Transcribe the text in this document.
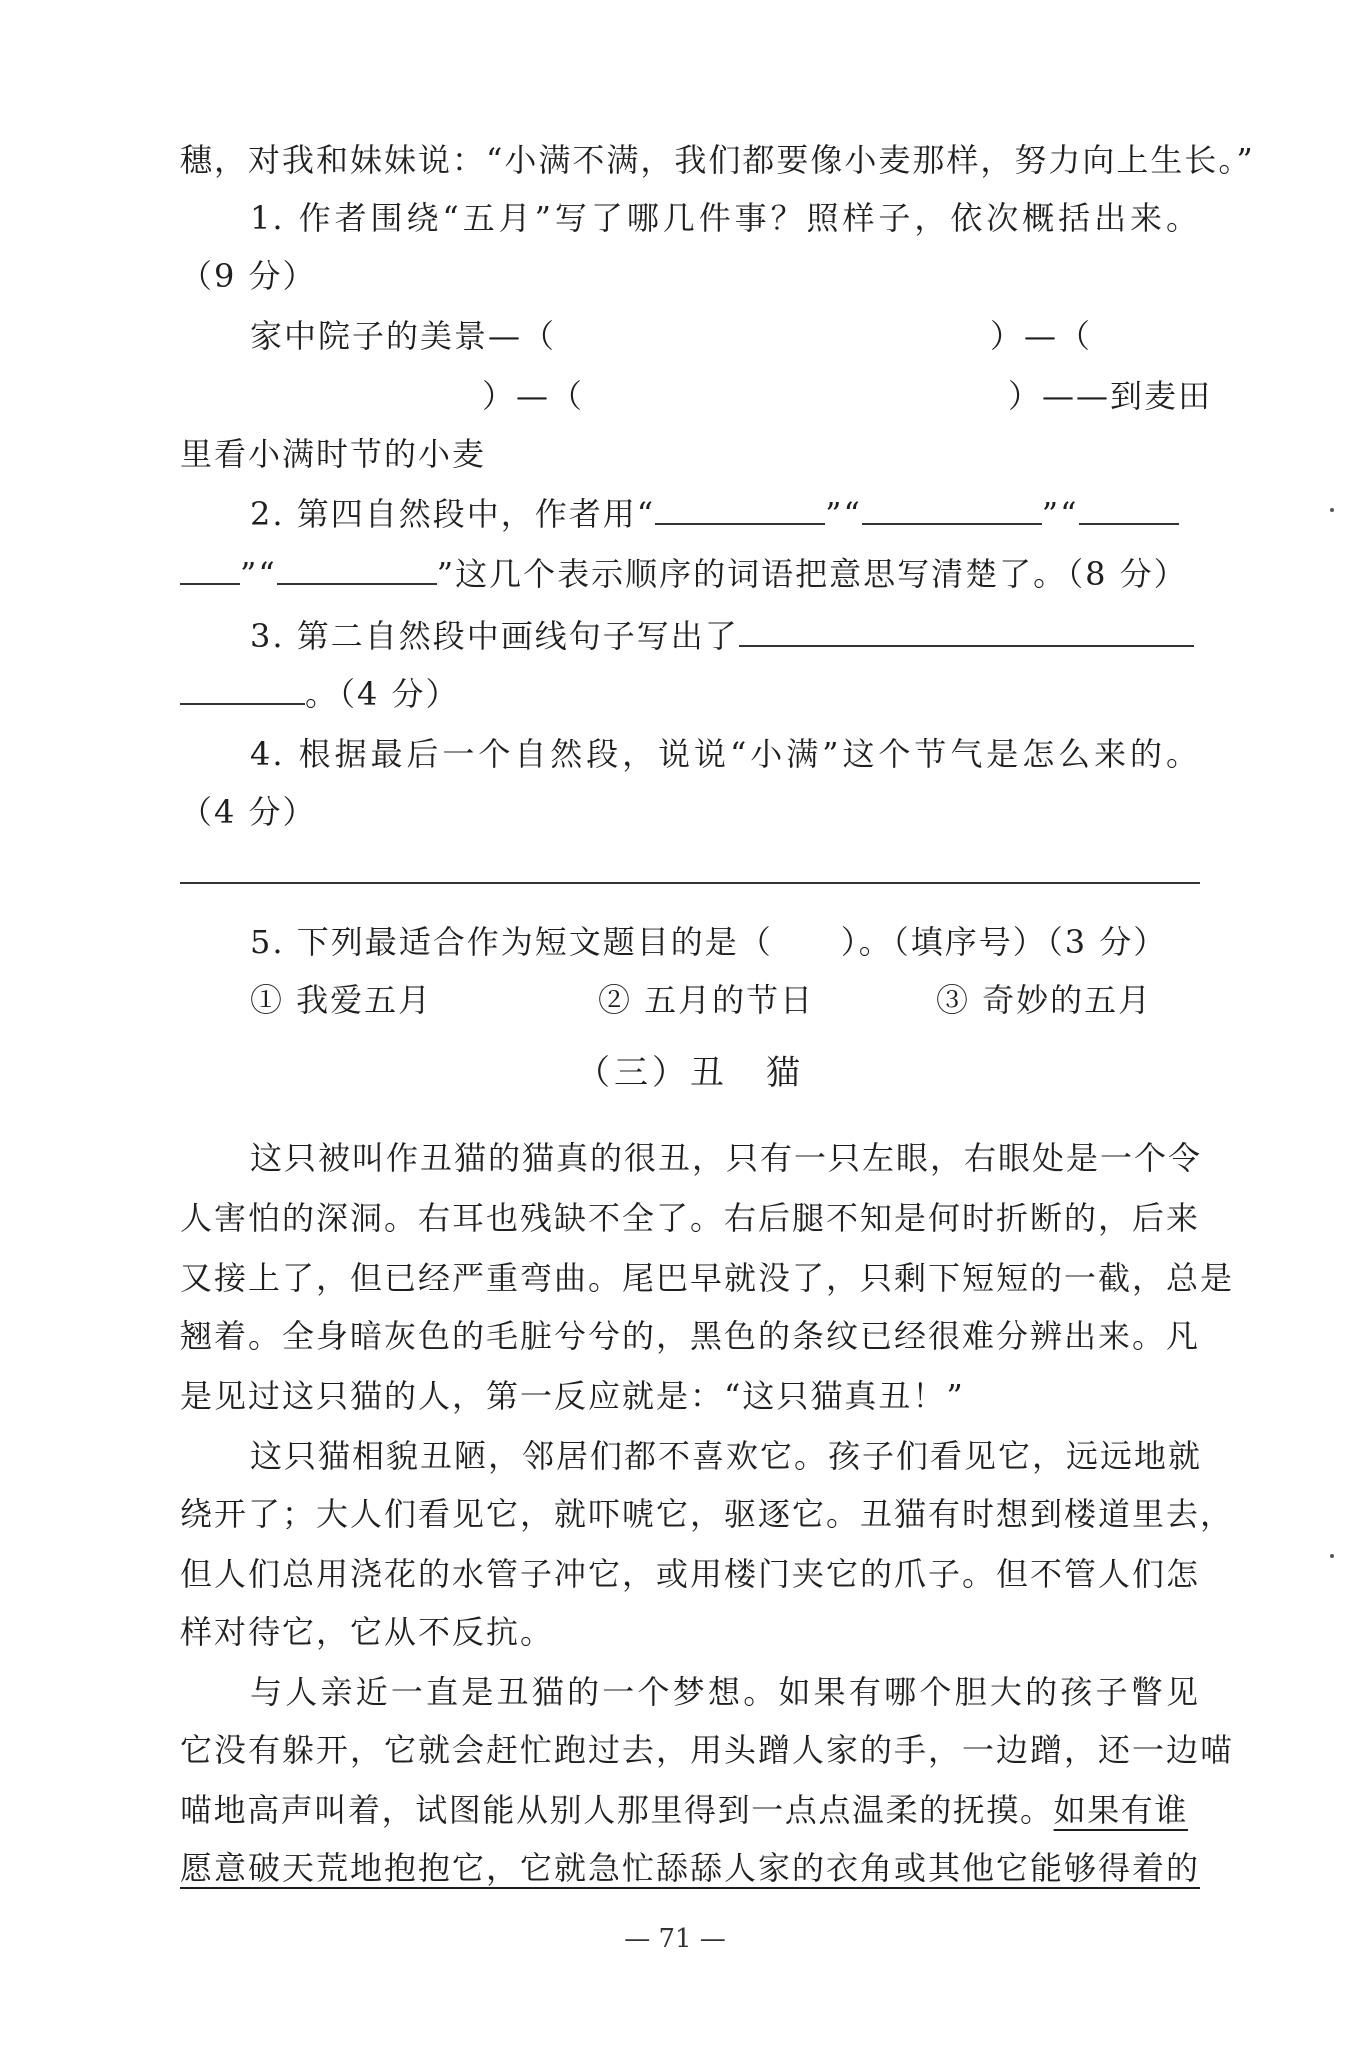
穗，对我和妹妹说：“小满不满，我们都要像小麦那样，努力向上生长。”
1. 作者围绕“五月”写了哪几件事？照样子，依次概括出来。
（9 分）
家中院子的美景—（	）—（
）—（	）——到麦田
里看小满时节的小麦
2. 第四自然段中，作者用“	”“	”“
”“	”这几个表示顺序的词语把意思写清楚了。（8 分）
3. 第二自然段中画线句子写出了
。（4 分）
4. 根据最后一个自然段，说说“小满”这个节气是怎么来的。
（4 分）
5. 下列最适合作为短文题目的是（　　）。（填序号）（3 分）
① 我爱五月	② 五月的节日	③ 奇妙的五月
（三）丑　猫
这只被叫作丑猫的猫真的很丑，只有一只左眼，右眼处是一个令
人害怕的深洞。右耳也残缺不全了。右后腿不知是何时折断的，后来
又接上了，但已经严重弯曲。尾巴早就没了，只剩下短短的一截，总是
翘着。全身暗灰色的毛脏兮兮的，黑色的条纹已经很难分辨出来。凡
是见过这只猫的人，第一反应就是：“这只猫真丑！”
这只猫相貌丑陋，邻居们都不喜欢它。孩子们看见它，远远地就
绕开了；大人们看见它，就吓唬它，驱逐它。丑猫有时想到楼道里去，
但人们总用浇花的水管子冲它，或用楼门夹它的爪子。但不管人们怎
样对待它，它从不反抗。
与人亲近一直是丑猫的一个梦想。如果有哪个胆大的孩子瞥见
它没有躲开，它就会赶忙跑过去，用头蹭人家的手，一边蹭，还一边喵
喵地高声叫着，试图能从别人那里得到一点点温柔的抚摸。如果有谁
愿意破天荒地抱抱它，它就急忙舔舔人家的衣角或其他它能够得着的
— 71 —
